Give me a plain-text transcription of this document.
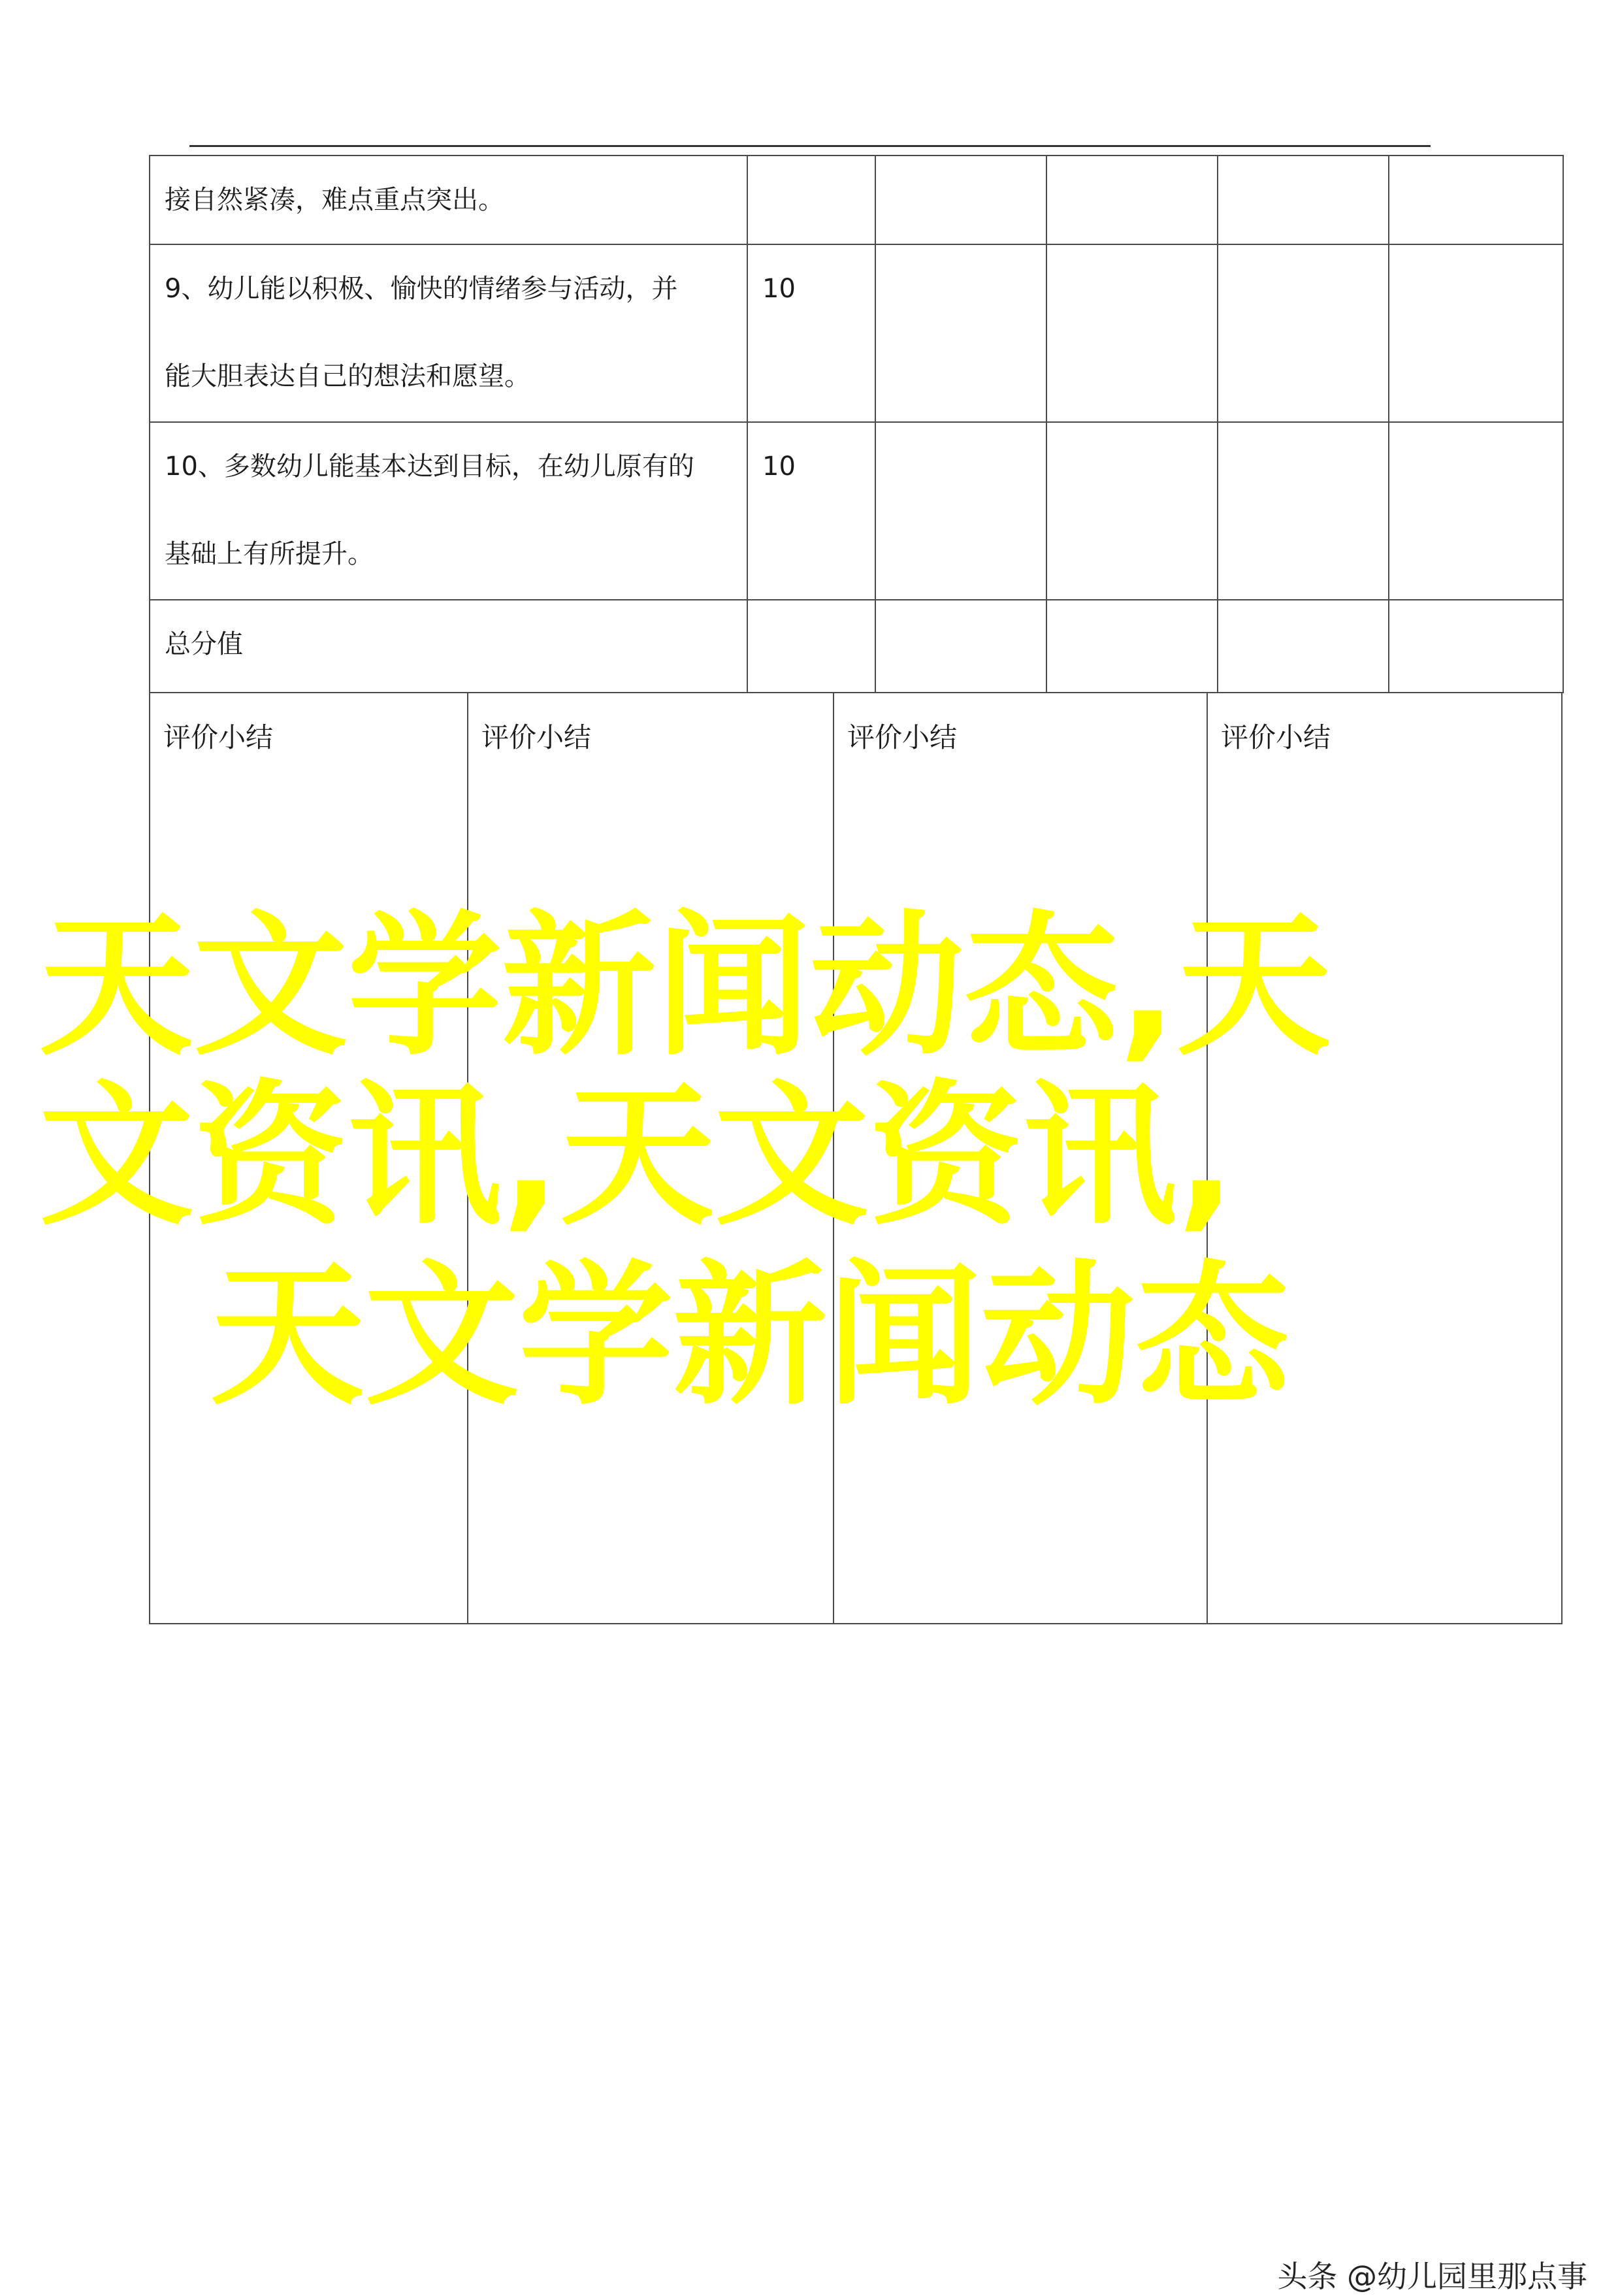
接自然紧凑，难点重点突出。					

9、幼儿能以积极、愉快的情绪参与活动，并
能大胆表达自己的想法和愿望。	10				

10、多数幼儿能基本达到目标，在幼儿原有的
基础上有所提升。	10				
总分值					
评价小结	评价小结	评价小结	评价小结
天文学新闻动态,天
文资讯,天文资讯,
天文学新闻动态
头条 @幼儿园里那点事
